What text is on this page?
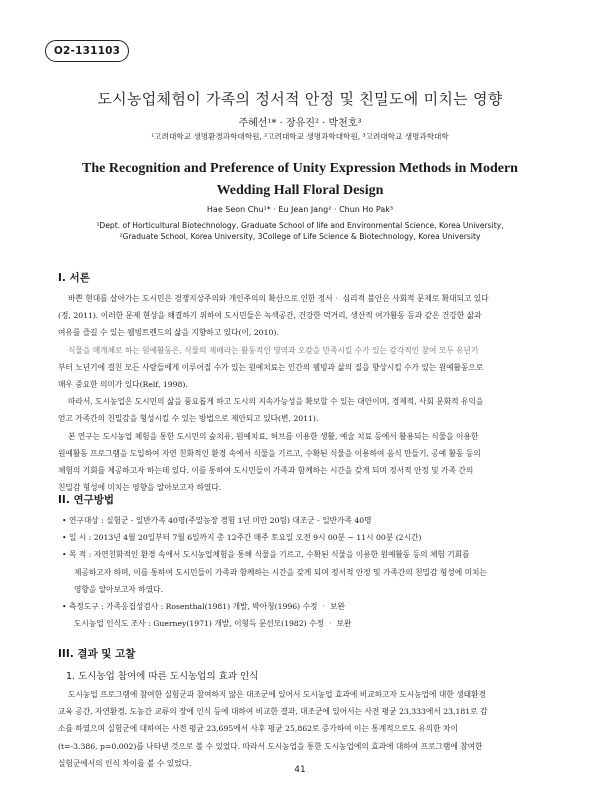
O2-131103
도시농업체험이 가족의 정서적 안정 및 친밀도에 미치는 영향
주혜선¹* · 장유진² · 박천호³
¹고려대학교 생명환경과학대학원, ²고려대학교 생명과학대학원, ³고려대학교 생명과학대학
The Recognition and Preference of Unity Expression Methods in Modern
Wedding Hall Floral Design
Hae Seon Chu¹* · Eu Jean Jang² · Chun Ho Pak³
¹Dept. of Horticultural Biotechnology, Graduate School of life and Environmental Science, Korea University,
²Graduate School, Korea University, 3College of Life Science & Biotechnology, Korea University
I. 서론
바쁜 현대를 살아가는 도시민은 경쟁지상주의와 개인주의의 확산으로 인한 정서‧ 심리적 불안은 사회적 문제로 확대되고 있다
(정, 2011). 이러한 문제 현상을 해결하기 위하여 도시민들은 녹색공간, 건강한 먹거리, 생산적 여가활동 등과 같은 건강한 삶과
여유를 즐길 수 있는 웰빙트렌드의 삶을 지향하고 있다(이, 2010).
식물을 매개체로 하는 원예활동은, 식물의 재배라는 활동적인 영역과 오감을 만족시킬 수가 있는 감각적인 참여 모두 유년기
부터 노년기에 걸친 모든 사람들에게 이루어질 수가 있는 원예치료는 인간의 웰빙과 삶의 질을 향상시킬 수가 있는 원예활동으로
매우 중요한 의미가 있다(Relf, 1998).
따라서, 도시농업은 도시민의 삶을 풍요롭게 하고 도시의 지속가능성을 확보할 수 있는 대안이며, 경제적, 사회 문화적 유익을
얻고 가족간의 친밀감을 형성시킬 수 있는 방법으로 제안되고 있다(변, 2011).
본 연구는 도시농업 체험을 통한 도시민의 숲치유, 원예치료, 허브를 이용한 생활, 예술 치료 등에서 활용되는 식물을 이용한
원예활동 프로그램을 도입하여 자연 친화적인 환경 속에서 식물을 기르고, 수확된 식물을 이용하여 음식 만들기, 공예 활동 등의
체험의 기회를 제공하고자 하는데 있다. 이를 통하여 도시민들이 가족과 함께하는 시간을 갖게 되며 정서적 안정 및 가족 간의
친밀감 형성에 미치는 영향을 알아보고자 하였다.
II. 연구방법
• 연구대상 : 실험군 - 일반가족 40명(주말농장 경험 1년 미만 20팀) 대조군 - 일반가족 40명
• 일 시 : 2013년 4월 20일부터 7월 6일까지 총 12주간 매주 토요일 오전 9시 00분 ~ 11시 00분 (2시간)
• 목 적 : 자연친화적인 환경 속에서 도시농업체험을 통해 식물을 기르고, 수확된 식물을 이용한 원예활동 등의 체험 기회를
제공하고자 하며, 이를 통하여 도시민들이 가족과 함께하는 시간을 갖게 되며 정서적 안정 및 가족간의 친밀감 형성에 미치는
영향을 알아보고자 하였다.
• 측정도구 : 가족응집성검사 : Rosenthal(1981) 개발, 박아청(1996) 수정 ‧ 보완
도시농업 인식도 조사 : Guerney(1971) 개발, 이형득 문선모(1982) 수정 ‧ 보완
III. 결과 및 고찰
1. 도시농업 참여에 따른 도시농업의 효과 인식
도시농업 프로그램에 참여한 실험군과 참여하지 않은 대조군에 있어서 도시농업 효과에 비교하고자 도시농업에 대한 생태환경
교육 공간, 자연환경, 도농간 교류의 장에 인식 등에 대하여 비교한 결과, 대조군에 있어서는 사전 평균 23,333에서 23,181로 감
소를 하였으며 실험군에 대하여는 사전 평균 23,695에서 사후 평균 25,862로 증가하여 이는 통계적으로도 유의한 차이
(t=-3.386, p=0.002)를 나타낸 것으로 볼 수 있었다. 따라서 도시농업을 통한 도시농업에의 효과에 대하여 프로그램에 참여한
실험군에서의 인식 차이를 볼 수 있었다.
41
